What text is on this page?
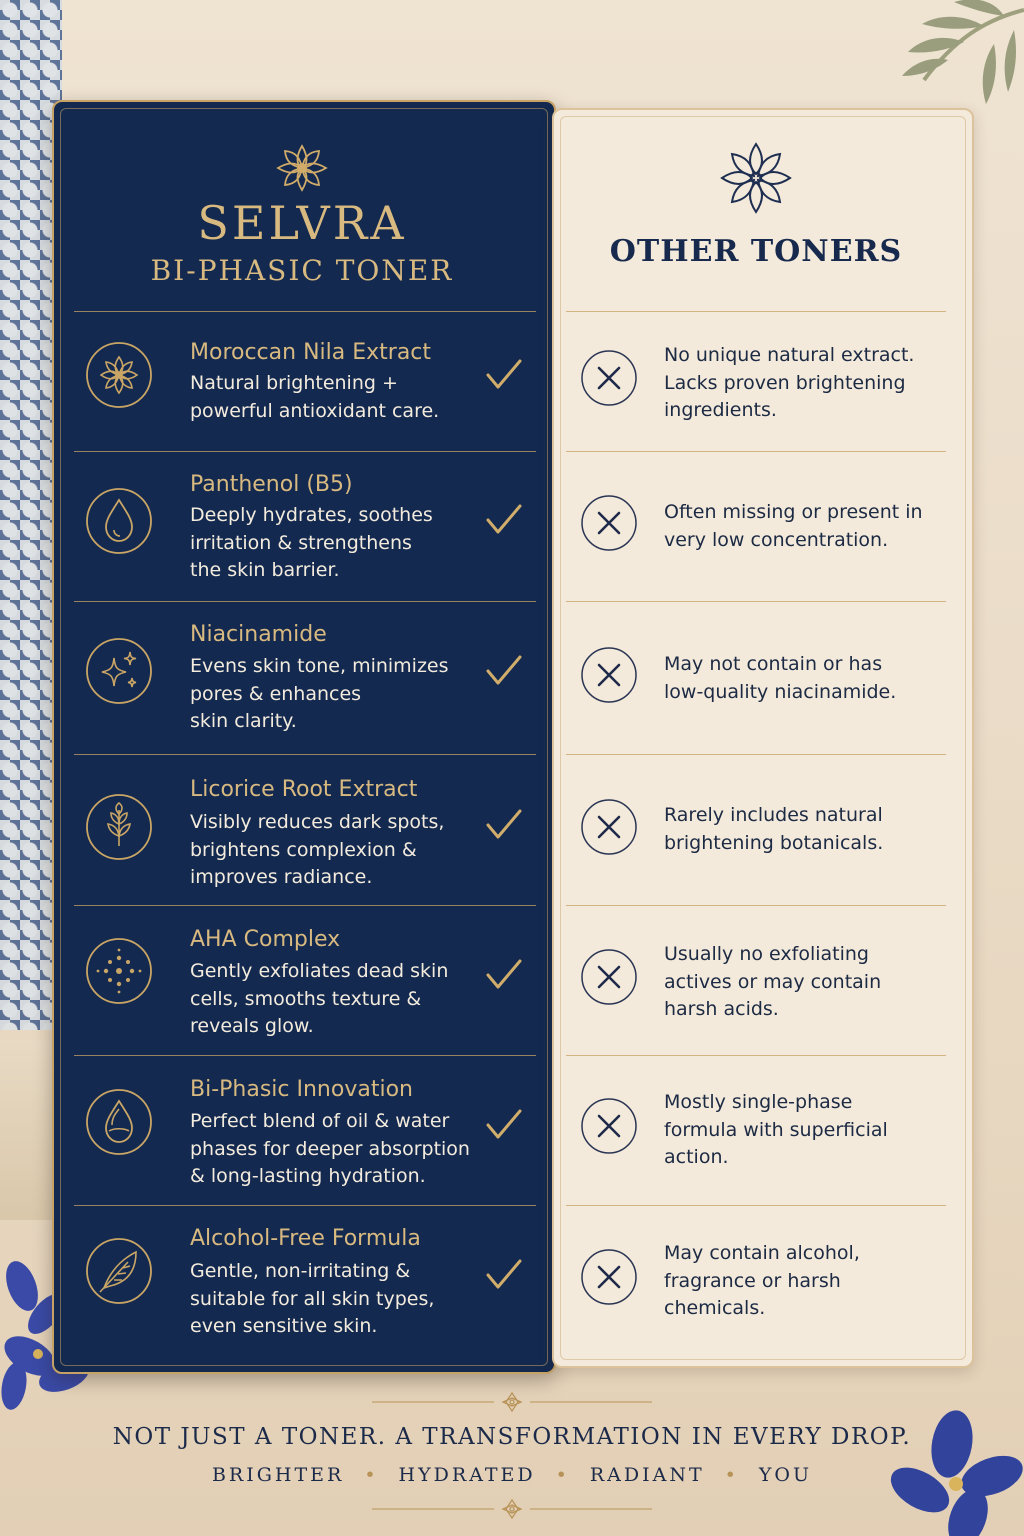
SELVRA
BI-PHASIC TONER
OTHER TONERS
Moroccan Nila Extract
Natural brightening +
powerful antioxidant care.
No unique natural extract.
Lacks proven brightening
ingredients.
Panthenol (B5)
Deeply hydrates, soothes
irritation & strengthens
the skin barrier.
Often missing or present in
very low concentration.
Niacinamide
Evens skin tone, minimizes
pores & enhances
skin clarity.
May not contain or has
low-quality niacinamide.
Licorice Root Extract
Visibly reduces dark spots,
brightens complexion &
improves radiance.
Rarely includes natural
brightening botanicals.
AHA Complex
Gently exfoliates dead skin
cells, smooths texture &
reveals glow.
Usually no exfoliating
actives or may contain
harsh acids.
Bi-Phasic Innovation
Perfect blend of oil & water
phases for deeper absorption
& long-lasting hydration.
Mostly single-phase
formula with superficial
action.
Alcohol-Free Formula
Gentle, non-irritating &
suitable for all skin types,
even sensitive skin.
May contain alcohol,
fragrance or harsh
chemicals.
NOT JUST A TONER. A TRANSFORMATION IN EVERY DROP.
BRIGHTER • HYDRATED • RADIANT • YOU
